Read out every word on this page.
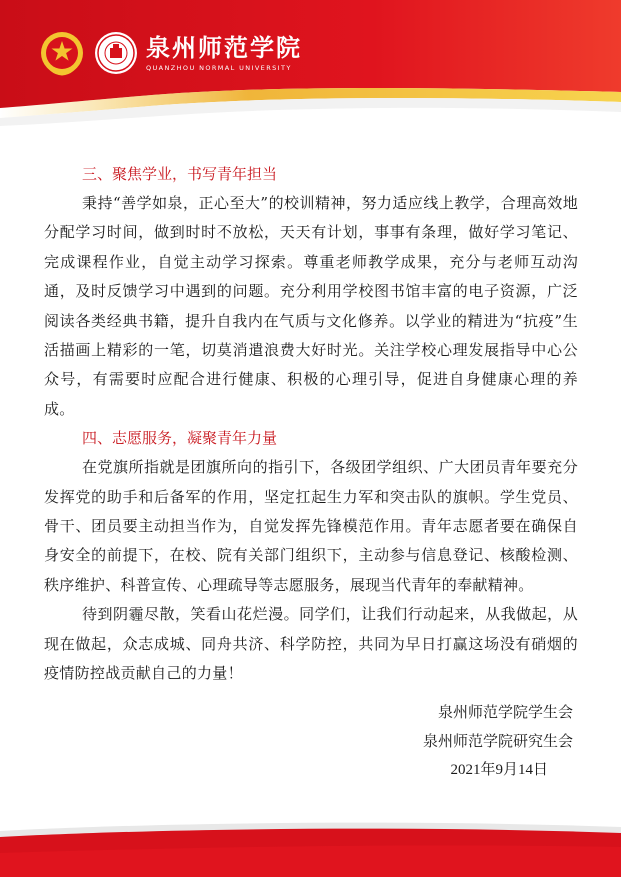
泉州师范学院
QUANZHOU NORMAL UNIVERSITY
三、聚焦学业，书写青年担当

秉持“善学如泉，正心至大”的校训精神，努力适应线上教学，合理高效地分配学习时间，做到时时不放松，天天有计划，事事有条理，做好学习笔记、完成课程作业，自觉主动学习探索。尊重老师教学成果，充分与老师互动沟通，及时反馈学习中遇到的问题。充分利用学校图书馆丰富的电子资源，广泛阅读各类经典书籍，提升自我内在气质与文化修养。以学业的精进为“抗疫”生活描画上精彩的一笔，切莫消遣浪费大好时光。关注学校心理发展指导中心公众号，有需要时应配合进行健康、积极的心理引导，促进自身健康心理的养成。

四、志愿服务，凝聚青年力量

在党旗所指就是团旗所向的指引下，各级团学组织、广大团员青年要充分发挥党的助手和后备军的作用，坚定扛起生力军和突击队的旗帜。学生党员、骨干、团员要主动担当作为，自觉发挥先锋模范作用。青年志愿者要在确保自身安全的前提下，在校、院有关部门组织下，主动参与信息登记、核酸检测、秩序维护、科普宣传、心理疏导等志愿服务，展现当代青年的奉献精神。

待到阴霾尽散，笑看山花烂漫。同学们，让我们行动起来，从我做起，从现在做起，众志成城、同舟共济、科学防控，共同为早日打赢这场没有硝烟的疫情防控战贡献自己的力量！

泉州师范学院学生会
泉州师范学院研究生会
2021年9月14日
